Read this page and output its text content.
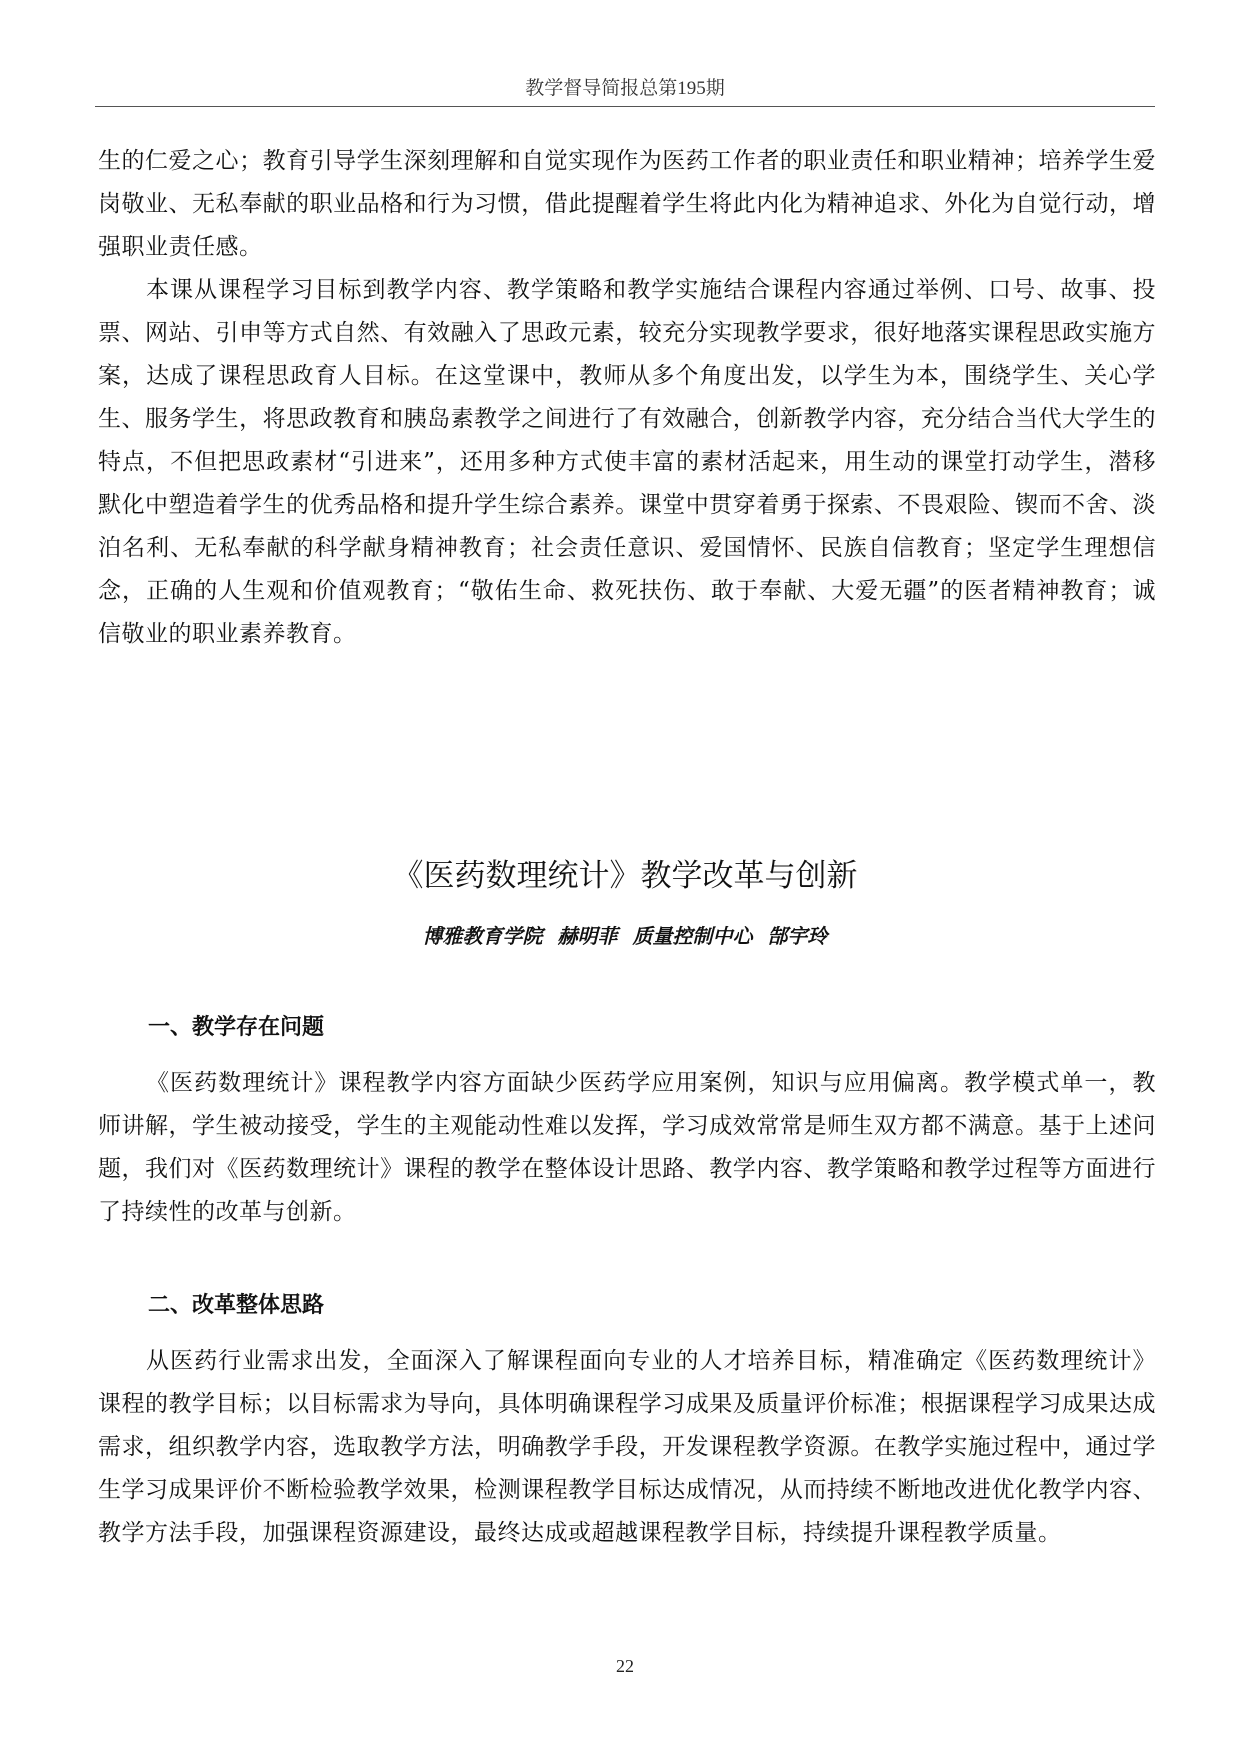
教学督导简报总第195期

生的仁爱之心；教育引导学生深刻理解和自觉实现作为医药工作者的职业责任和职业精神；培养学生爱岗敬业、无私奉献的职业品格和行为习惯，借此提醒着学生将此内化为精神追求、外化为自觉行动，增强职业责任感。

本课从课程学习目标到教学内容、教学策略和教学实施结合课程内容通过举例、口号、故事、投票、网站、引申等方式自然、有效融入了思政元素，较充分实现教学要求，很好地落实课程思政实施方案，达成了课程思政育人目标。在这堂课中，教师从多个角度出发，以学生为本，围绕学生、关心学生、服务学生，将思政教育和胰岛素教学之间进行了有效融合，创新教学内容，充分结合当代大学生的特点，不但把思政素材“引进来”，还用多种方式使丰富的素材活起来，用生动的课堂打动学生，潜移默化中塑造着学生的优秀品格和提升学生综合素养。课堂中贯穿着勇于探索、不畏艰险、锲而不舍、淡泊名利、无私奉献的科学献身精神教育；社会责任意识、爱国情怀、民族自信教育；坚定学生理想信念，正确的人生观和价值观教育；“敬佑生命、救死扶伤、敢于奉献、大爱无疆”的医者精神教育；诚信敬业的职业素养教育。

《医药数理统计》教学改革与创新
博雅教育学院 赫明菲 质量控制中心 郜宇玲
一、教学存在问题

《医药数理统计》课程教学内容方面缺少医药学应用案例，知识与应用偏离。教学模式单一，教师讲解，学生被动接受，学生的主观能动性难以发挥，学习成效常常是师生双方都不满意。基于上述问题，我们对《医药数理统计》课程的教学在整体设计思路、教学内容、教学策略和教学过程等方面进行了持续性的改革与创新。

二、改革整体思路

从医药行业需求出发，全面深入了解课程面向专业的人才培养目标，精准确定《医药数理统计》课程的教学目标；以目标需求为导向，具体明确课程学习成果及质量评价标准；根据课程学习成果达成需求，组织教学内容，选取教学方法，明确教学手段，开发课程教学资源。在教学实施过程中，通过学生学习成果评价不断检验教学效果，检测课程教学目标达成情况，从而持续不断地改进优化教学内容、教学方法手段，加强课程资源建设，最终达成或超越课程教学目标，持续提升课程教学质量。

22
